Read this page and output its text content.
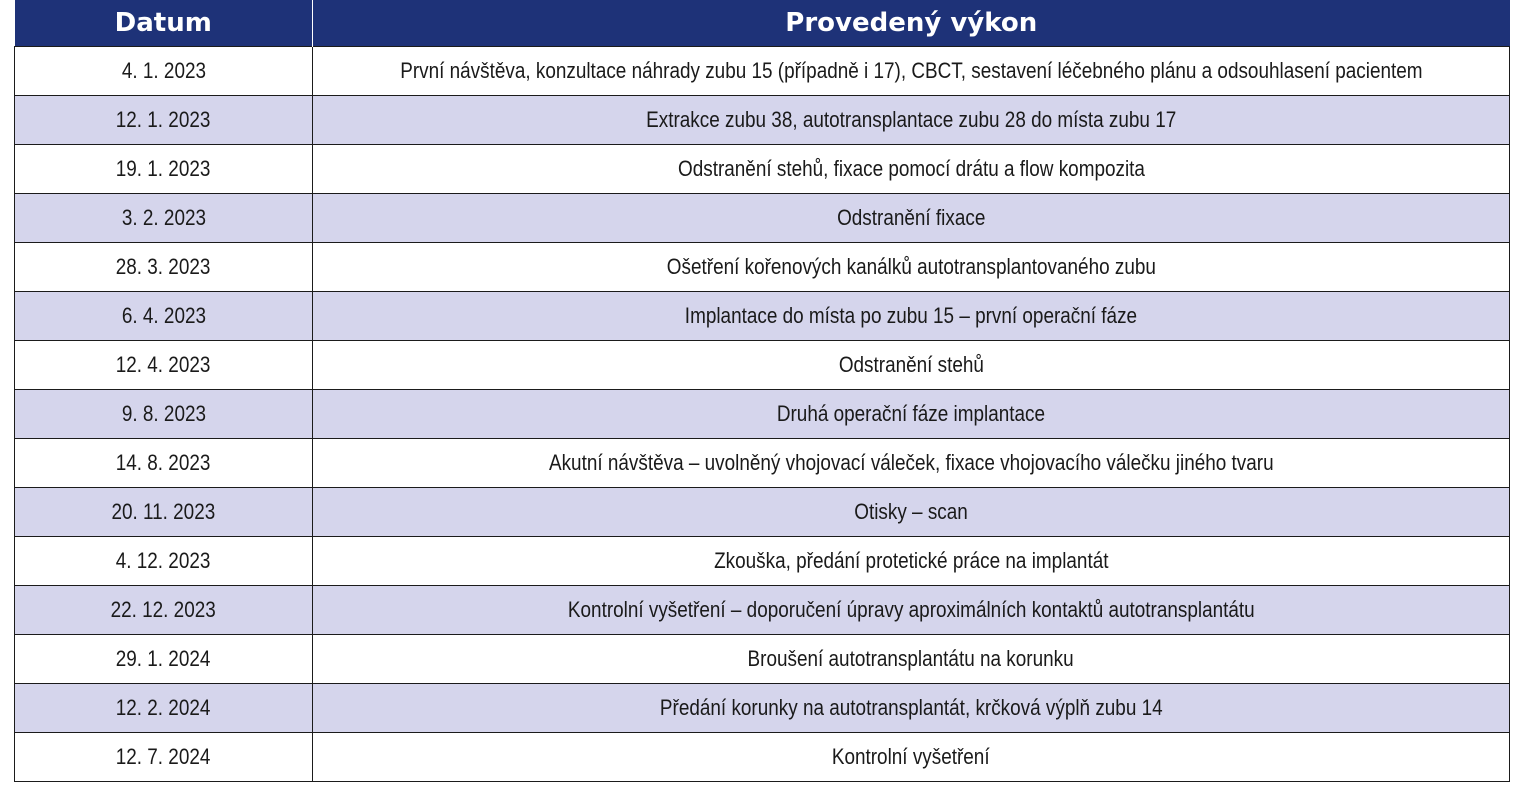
Datum	Provedený výkon
4. 1. 2023	První návštěva, konzultace náhrady zubu 15 (případně i 17), CBCT, sestavení léčebného plánu a odsouhlasení pacientem
12. 1. 2023	Extrakce zubu 38, autotransplantace zubu 28 do místa zubu 17
19. 1. 2023	Odstranění stehů, fixace pomocí drátu a flow kompozita
3. 2. 2023	Odstranění fixace
28. 3. 2023	Ošetření kořenových kanálků autotransplantovaného zubu
6. 4. 2023	Implantace do místa po zubu 15 – první operační fáze
12. 4. 2023	Odstranění stehů
9. 8. 2023	Druhá operační fáze implantace
14. 8. 2023	Akutní návštěva – uvolněný vhojovací váleček, fixace vhojovacího válečku jiného tvaru
20. 11. 2023	Otisky – scan
4. 12. 2023	Zkouška, předání protetické práce na implantát
22. 12. 2023	Kontrolní vyšetření – doporučení úpravy aproximálních kontaktů autotransplantátu
29. 1. 2024	Broušení autotransplantátu na korunku
12. 2. 2024	Předání korunky na autotransplantát, krčková výplň zubu 14
12. 7. 2024	Kontrolní vyšetření
